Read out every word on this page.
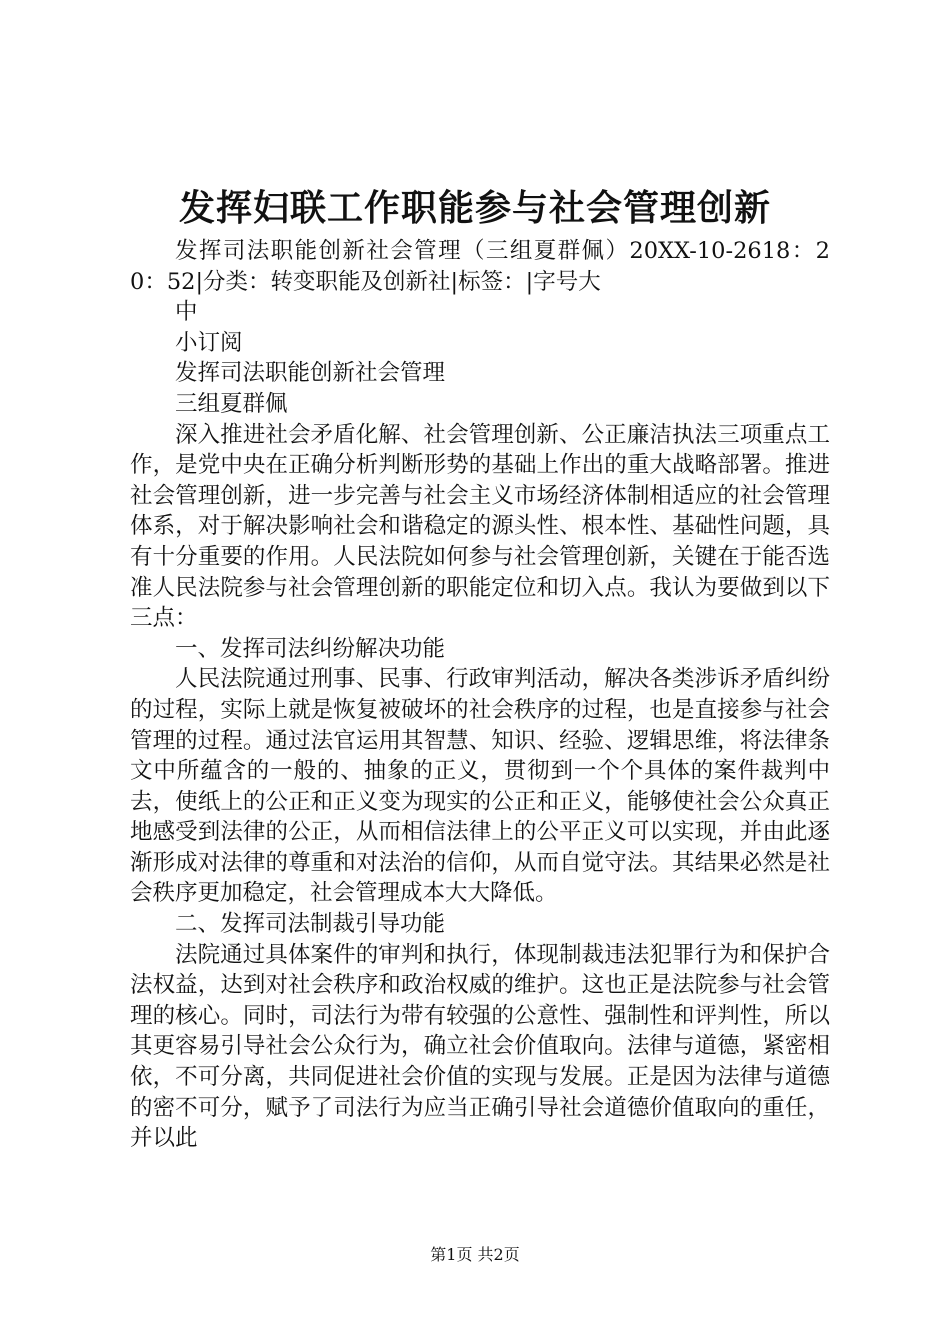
发挥妇联工作职能参与社会管理创新

发挥司法职能创新社会管理（三组夏群佩）20XX-10-2618：20：52|分类：转变职能及创新社|标签：|字号大

中

小订阅

发挥司法职能创新社会管理

三组夏群佩

深入推进社会矛盾化解、社会管理创新、公正廉洁执法三项重点工作，是党中央在正确分析判断形势的基础上作出的重大战略部署。推进社会管理创新，进一步完善与社会主义市场经济体制相适应的社会管理体系，对于解决影响社会和谐稳定的源头性、根本性、基础性问题，具有十分重要的作用。人民法院如何参与社会管理创新，关键在于能否选准人民法院参与社会管理创新的职能定位和切入点。我认为要做到以下三点：

一、发挥司法纠纷解决功能

人民法院通过刑事、民事、行政审判活动，解决各类涉诉矛盾纠纷的过程，实际上就是恢复被破坏的社会秩序的过程，也是直接参与社会管理的过程。通过法官运用其智慧、知识、经验、逻辑思维，将法律条文中所蕴含的一般的、抽象的正义，贯彻到一个个具体的案件裁判中去，使纸上的公正和正义变为现实的公正和正义，能够使社会公众真正地感受到法律的公正，从而相信法律上的公平正义可以实现，并由此逐渐形成对法律的尊重和对法治的信仰，从而自觉守法。其结果必然是社会秩序更加稳定，社会管理成本大大降低。

二、发挥司法制裁引导功能

法院通过具体案件的审判和执行，体现制裁违法犯罪行为和保护合法权益，达到对社会秩序和政治权威的维护。这也正是法院参与社会管理的核心。同时，司法行为带有较强的公意性、强制性和评判性，所以其更容易引导社会公众行为，确立社会价值取向。法律与道德，紧密相依，不可分离，共同促进社会价值的实现与发展。正是因为法律与道德的密不可分，赋予了司法行为应当正确引导社会道德价值取向的重任，并以此

第1页 共2页
